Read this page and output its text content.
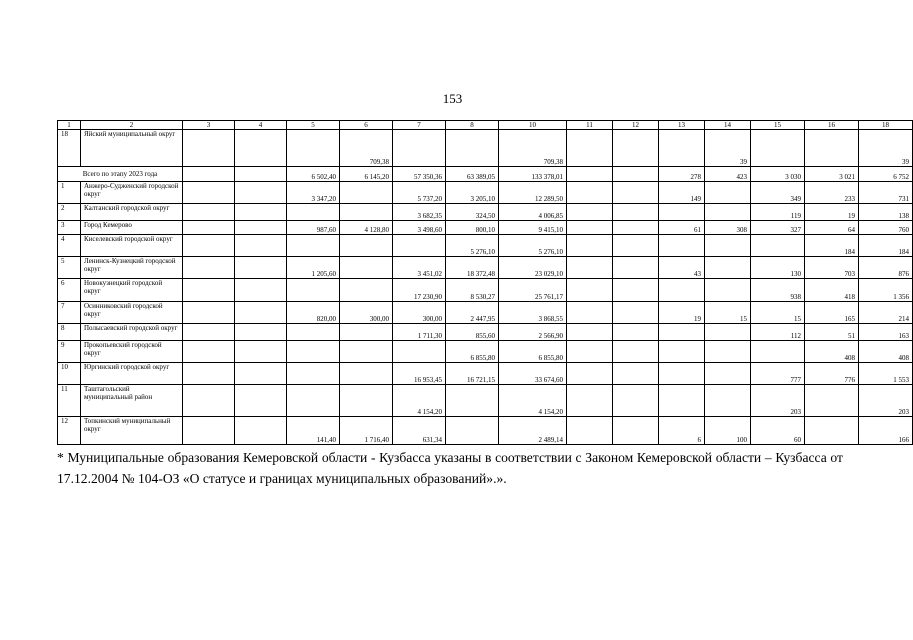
153
1	2	3	4	5	6	7	8	10	11	12	13	14	15	16	18
18	Яйский муниципальный округ				709,38			709,38				39			39
Всего по этапу 2023 года				6 502,40	6 145,20	57 350,36	63 389,05	133 378,01			278	423	3 030	3 021	6 752
1	Анжеро-Судженский городской округ			3 347,20		5 737,20	3 205,10	12 289,50			149		349	233	731
2	Калтанский городской округ					3 682,35	324,50	4 006,85					119	19	138
3	Город Кемерово			987,60	4 128,80	3 498,60	800,10	9 415,10			61	308	327	64	760
4	Киселевский городской округ						5 276,10	5 276,10						184	184
5	Ленинск-Кузнецкий городской округ			1 205,60		3 451,02	18 372,48	23 029,10			43		130	703	876
6	Новокузнецкий городской округ					17 230,90	8 530,27	25 761,17					938	418	1 356
7	Осинниковский городской округ			820,00	300,00	300,00	2 447,95	3 868,55			19	15	15	165	214
8	Полысаевский городской округ					1 711,30	855,60	2 566,90					112	51	163
9	Прокопьевский городской округ						6 855,80	6 855,80						408	408
10	Юргинский городской округ					16 953,45	16 721,15	33 674,60					777	776	1 553
11	Таштагольский муниципальный район					4 154,20		4 154,20					203		203
12	Топкинский муниципальный округ			141,40	1 716,40	631,34		2 489,14			6	100	60		166
* Муниципальные образования Кемеровской области - Кузбасса указаны в соответствии с Законом Кемеровской области – Кузбасса от 17.12.2004 № 104-ОЗ «О статусе и границах муниципальных образований».».
